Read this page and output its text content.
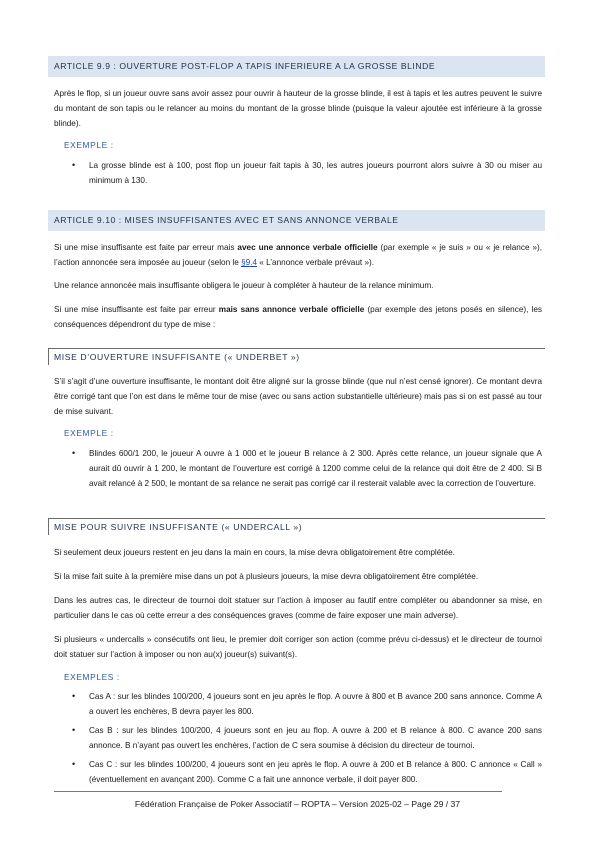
ARTICLE 9.9 : OUVERTURE POST-FLOP A TAPIS INFERIEURE A LA GROSSE BLINDE

Après le flop, si un joueur ouvre sans avoir assez pour ouvrir à hauteur de la grosse blinde, il est à tapis et les autres peuvent le suivre du montant de son tapis ou le relancer au moins du montant de la grosse blinde (puisque la valeur ajoutée est inférieure à la grosse blinde).

EXEMPLE :
• La grosse blinde est à 100, post flop un joueur fait tapis à 30, les autres joueurs pourront alors suivre à 30 ou miser au minimum à 130.
ARTICLE 9.10 : MISES INSUFFISANTES AVEC ET SANS ANNONCE VERBALE

Si une mise insuffisante est faite par erreur mais avec une annonce verbale officielle (par exemple « je suis » ou « je relance »), l’action annoncée sera imposée au joueur (selon le §9.4 « L’annonce verbale prévaut »).

Une relance annoncée mais insuffisante obligera le joueur à compléter à hauteur de la relance minimum.

Si une mise insuffisante est faite par erreur mais sans annonce verbale officielle (par exemple des jetons posés en silence), les conséquences dépendront du type de mise :

MISE D’OUVERTURE INSUFFISANTE (« UNDERBET »)

S’il s’agit d’une ouverture insuffisante, le montant doit être aligné sur la grosse blinde (que nul n’est censé ignorer). Ce montant devra être corrigé tant que l’on est dans le même tour de mise (avec ou sans action substantielle ultérieure) mais pas si on est passé au tour de mise suivant.

EXEMPLE :
• Blindes 600/1 200, le joueur A ouvre à 1 000 et le joueur B relance à 2 300. Après cette relance, un joueur signale que A aurait dû ouvrir à 1 200, le montant de l’ouverture est corrigé à 1200 comme celui de la relance qui doit être de 2 400. Si B avait relancé à 2 500, le montant de sa relance ne serait pas corrigé car il resterait valable avec la correction de l’ouverture.
MISE POUR SUIVRE INSUFFISANTE (« UNDERCALL »)

Si seulement deux joueurs restent en jeu dans la main en cours, la mise devra obligatoirement être complétée.

Si la mise fait suite à la première mise dans un pot à plusieurs joueurs, la mise devra obligatoirement être complétée.

Dans les autres cas, le directeur de tournoi doit statuer sur l’action à imposer au fautif entre compléter ou abandonner sa mise, en particulier dans le cas où cette erreur a des conséquences graves (comme de faire exposer une main adverse).

Si plusieurs « undercalls » consécutifs ont lieu, le premier doit corriger son action (comme prévu ci-dessus) et le directeur de tournoi doit statuer sur l’action à imposer ou non au(x) joueur(s) suivant(s).

EXEMPLES :
• Cas A : sur les blindes 100/200, 4 joueurs sont en jeu après le flop. A ouvre à 800 et B avance 200 sans annonce. Comme A a ouvert les enchères, B devra payer les 800.
• Cas B : sur les blindes 100/200, 4 joueurs sont en jeu au flop. A ouvre à 200 et B relance à 800. C avance 200 sans annonce. B n’ayant pas ouvert les enchères, l’action de C sera soumise à décision du directeur de tournoi.
• Cas C : sur les blindes 100/200, 4 joueurs sont en jeu après le flop. A ouvre à 200 et B relance à 800. C annonce « Call » (éventuellement en avançant 200). Comme C a fait une annonce verbale, il doit payer 800.
Fédération Française de Poker Associatif – ROPTA – Version 2025-02 – Page 29 / 37
